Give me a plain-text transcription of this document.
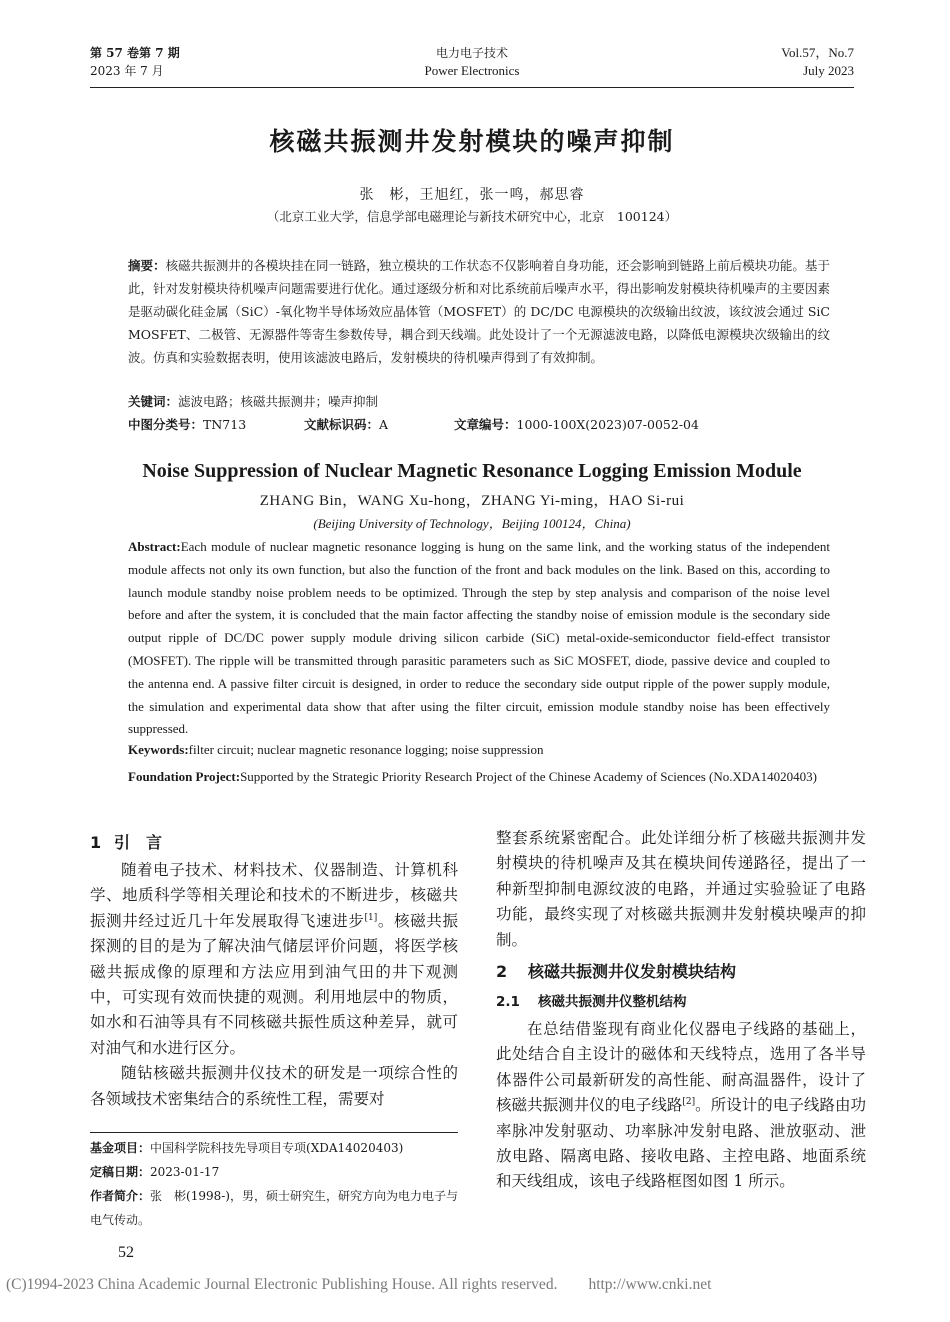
第 57 卷第 7 期
2023 年 7 月
电力电子技术
Power Electronics
Vol.57，No.7
July 2023
核磁共振测井发射模块的噪声抑制
张　彬，王旭红，张一鸣，郝思睿
（北京工业大学，信息学部电磁理论与新技术研究中心，北京　100124）
摘要：核磁共振测井的各模块挂在同一链路，独立模块的工作状态不仅影响着自身功能，还会影响到链路上前后模块功能。基于此，针对发射模块待机噪声问题需要进行优化。通过逐级分析和对比系统前后噪声水平，得出影响发射模块待机噪声的主要因素是驱动碳化硅金属（SiC）-氧化物半导体场效应晶体管（MOSFET）的 DC/DC 电源模块的次级输出纹波，该纹波会通过 SiC MOSFET、二极管、无源器件等寄生参数传导，耦合到天线端。此处设计了一个无源滤波电路，以降低电源模块次级输出的纹波。仿真和实验数据表明，使用该滤波电路后，发射模块的待机噪声得到了有效抑制。
关键词：滤波电路；核磁共振测井；噪声抑制
中图分类号：TN713	文献标识码：A	文章编号：1000-100X(2023)07-0052-04
Noise Suppression of Nuclear Magnetic Resonance Logging Emission Module
ZHANG Bin，WANG Xu-hong，ZHANG Yi-ming，HAO Si-rui
(Beijing University of Technology，Beijing 100124，China)
Abstract:Each module of nuclear magnetic resonance logging is hung on the same link, and the working status of the independent module affects not only its own function, but also the function of the front and back modules on the link. Based on this, according to launch module standby noise problem needs to be optimized. Through the step by step analysis and comparison of the noise level before and after the system, it is concluded that the main factor affecting the standby noise of emission module is the secondary side output ripple of DC/DC power supply module driving silicon carbide (SiC) metal-oxide-semiconductor field-effect transistor (MOSFET). The ripple will be transmitted through parasitic parameters such as SiC MOSFET, diode, passive device and coupled to the antenna end. A passive filter circuit is designed, in order to reduce the secondary side output ripple of the power supply module, the simulation and experimental data show that after using the filter circuit, emission module standby noise has been effectively suppressed.
Keywords:filter circuit; nuclear magnetic resonance logging; noise suppression
Foundation Project:Supported by the Strategic Priority Research Project of the Chinese Academy of Sciences (No.XDA14020403)
1 引　言
随着电子技术、材料技术、仪器制造、计算机科学、地质科学等相关理论和技术的不断进步，核磁共振测井经过近几十年发展取得飞速进步[1]。核磁共振探测的目的是为了解决油气储层评价问题，将医学核磁共振成像的原理和方法应用到油气田的井下观测中，可实现有效而快捷的观测。利用地层中的物质，如水和石油等具有不同核磁共振性质这种差异，就可对油气和水进行区分。
随钻核磁共振测井仪技术的研发是一项综合性的各领域技术密集结合的系统性工程，需要对
基金项目：中国科学院科技先导项目专项(XDA14020403)
定稿日期：2023-01-17
作者简介：张　彬(1998-)，男，硕士研究生，研究方向为电力电子与电气传动。
整套系统紧密配合。此处详细分析了核磁共振测井发射模块的待机噪声及其在模块间传递路径，提出了一种新型抑制电源纹波的电路，并通过实验验证了电路功能，最终实现了对核磁共振测井发射模块噪声的抑制。
2 核磁共振测井仪发射模块结构
2.1 核磁共振测井仪整机结构
在总结借鉴现有商业化仪器电子线路的基础上，此处结合自主设计的磁体和天线特点，选用了各半导体器件公司最新研发的高性能、耐高温器件，设计了核磁共振测井仪的电子线路[2]。所设计的电子线路由功率脉冲发射驱动、功率脉冲发射电路、泄放驱动、泄放电路、隔离电路、接收电路、主控电路、地面系统和天线组成，该电子线路框图如图 1 所示。
52
(C)1994-2023 China Academic Journal Electronic Publishing House. All rights reserved.　　http://www.cnki.net
